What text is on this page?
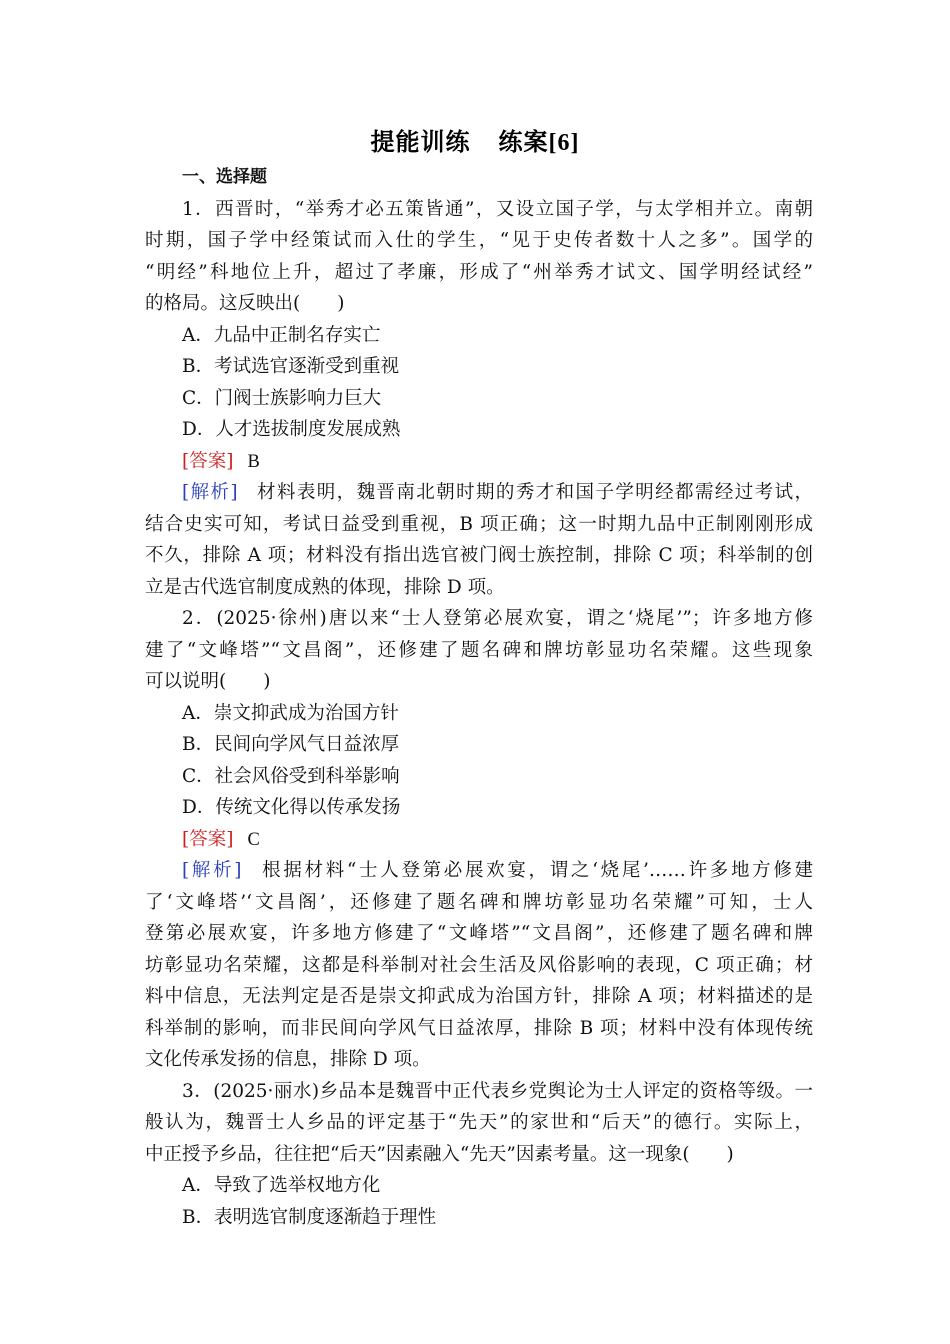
提能训练 练案[6]
一、选择题
1．西晋时，“举秀才必五策皆通”，又设立国子学，与太学相并立。南朝
时期，国子学中经策试而入仕的学生，“见于史传者数十人之多”。国学的
“明经”科地位上升，超过了孝廉，形成了“州举秀才试文、国学明经试经”
的格局。这反映出(　　)
A．九品中正制名存实亡
B．考试选官逐渐受到重视
C．门阀士族影响力巨大
D．人才选拔制度发展成熟
[答案] B
[解析] 材料表明，魏晋南北朝时期的秀才和国子学明经都需经过考试，
结合史实可知，考试日益受到重视，B 项正确；这一时期九品中正制刚刚形成
不久，排除 A 项；材料没有指出选官被门阀士族控制，排除 C 项；科举制的创
立是古代选官制度成熟的体现，排除 D 项。
2．(2025·徐州)唐以来“士人登第必展欢宴，谓之‘烧尾’”；许多地方修
建了“文峰塔”“文昌阁”，还修建了题名碑和牌坊彰显功名荣耀。这些现象
可以说明(　　)
A．崇文抑武成为治国方针
B．民间向学风气日益浓厚
C．社会风俗受到科举影响
D．传统文化得以传承发扬
[答案] C
[解析] 根据材料“士人登第必展欢宴，谓之‘烧尾’……许多地方修建
了‘文峰塔’‘文昌阁’，还修建了题名碑和牌坊彰显功名荣耀”可知，士人
登第必展欢宴，许多地方修建了“文峰塔”“文昌阁”，还修建了题名碑和牌
坊彰显功名荣耀，这都是科举制对社会生活及风俗影响的表现，C 项正确；材
料中信息，无法判定是否是崇文抑武成为治国方针，排除 A 项；材料描述的是
科举制的影响，而非民间向学风气日益浓厚，排除 B 项；材料中没有体现传统
文化传承发扬的信息，排除 D 项。
3．(2025·丽水)乡品本是魏晋中正代表乡党舆论为士人评定的资格等级。一
般认为，魏晋士人乡品的评定基于“先天”的家世和“后天”的德行。实际上，
中正授予乡品，往往把“后天”因素融入“先天”因素考量。这一现象(　　)
A．导致了选举权地方化
B．表明选官制度逐渐趋于理性
